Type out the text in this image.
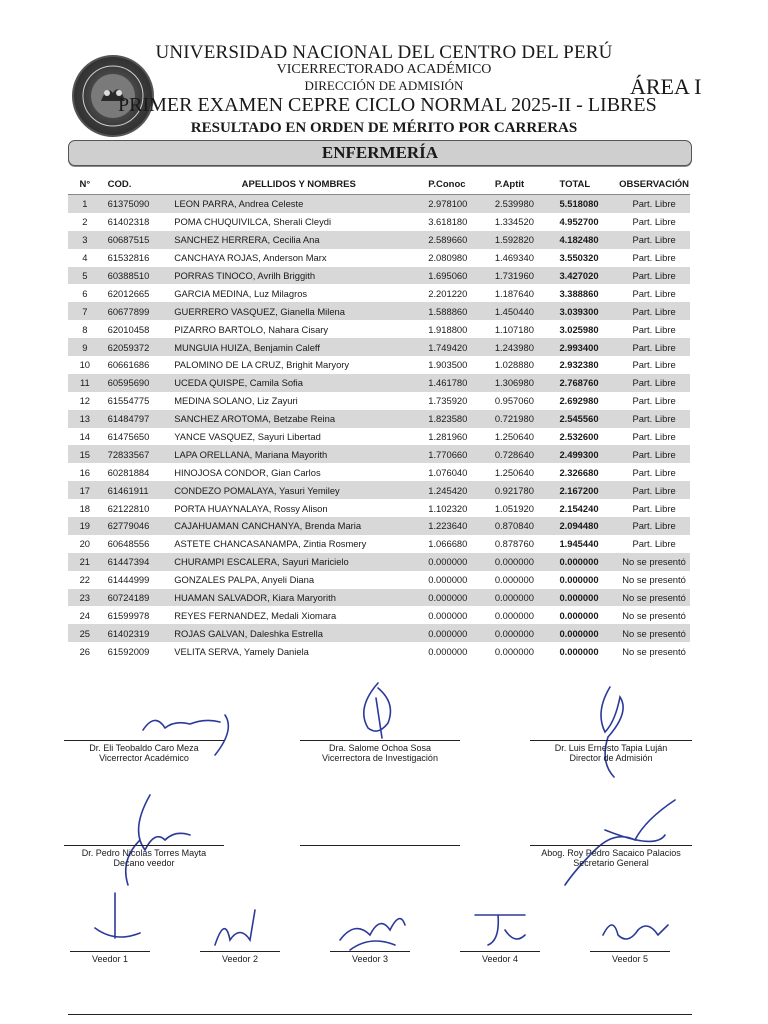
UNIVERSIDAD NACIONAL DEL CENTRO DEL PERÚ
VICERRECTORADO ACADÉMICO
DIRECCIÓN DE ADMISIÓN	ÁREA I
PRIMER EXAMEN CEPRE CICLO NORMAL 2025-II - LIBRES
RESULTADO EN ORDEN DE MÉRITO POR CARRERAS
ENFERMERÍA
N°	COD.	APELLIDOS Y NOMBRES	P.Conoc	P.Aptit	TOTAL	OBSERVACIÓN
1	61375090	LEON PARRA, Andrea Celeste	2.978100	2.539980	5.518080	Part. Libre
2	61402318	POMA CHUQUIVILCA, Sherali Cleydi	3.618180	1.334520	4.952700	Part. Libre
3	60687515	SANCHEZ HERRERA, Cecilia Ana	2.589660	1.592820	4.182480	Part. Libre
4	61532816	CANCHAYA ROJAS, Anderson Marx	2.080980	1.469340	3.550320	Part. Libre
5	60388510	PORRAS TINOCO, Avrilh Briggith	1.695060	1.731960	3.427020	Part. Libre
6	62012665	GARCIA MEDINA, Luz Milagros	2.201220	1.187640	3.388860	Part. Libre
7	60677899	GUERRERO VASQUEZ, Gianella Milena	1.588860	1.450440	3.039300	Part. Libre
8	62010458	PIZARRO BARTOLO, Nahara Cisary	1.918800	1.107180	3.025980	Part. Libre
9	62059372	MUNGUIA HUIZA, Benjamin Caleff	1.749420	1.243980	2.993400	Part. Libre
10	60661686	PALOMINO DE LA CRUZ, Brighit Maryory	1.903500	1.028880	2.932380	Part. Libre
11	60595690	UCEDA QUISPE, Camila Sofia	1.461780	1.306980	2.768760	Part. Libre
12	61554775	MEDINA SOLANO, Liz Zayuri	1.735920	0.957060	2.692980	Part. Libre
13	61484797	SANCHEZ AROTOMA, Betzabe Reina	1.823580	0.721980	2.545560	Part. Libre
14	61475650	YANCE VASQUEZ, Sayuri Libertad	1.281960	1.250640	2.532600	Part. Libre
15	72833567	LAPA ORELLANA, Mariana Mayorith	1.770660	0.728640	2.499300	Part. Libre
16	60281884	HINOJOSA CONDOR, Gian Carlos	1.076040	1.250640	2.326680	Part. Libre
17	61461911	CONDEZO POMALAYA, Yasuri Yemiley	1.245420	0.921780	2.167200	Part. Libre
18	62122810	PORTA HUAYNALAYA, Rossy Alison	1.102320	1.051920	2.154240	Part. Libre
19	62779046	CAJAHUAMAN CANCHANYA, Brenda Maria	1.223640	0.870840	2.094480	Part. Libre
20	60648556	ASTETE CHANCASANAMPA, Zintia Rosmery	1.066680	0.878760	1.945440	Part. Libre
21	61447394	CHURAMPI ESCALERA, Sayuri Maricielo	0.000000	0.000000	0.000000	No se presentó
22	61444999	GONZALES PALPA, Anyeli Diana	0.000000	0.000000	0.000000	No se presentó
23	60724189	HUAMAN SALVADOR, Kiara Maryorith	0.000000	0.000000	0.000000	No se presentó
24	61599978	REYES FERNANDEZ, Medali Xiomara	0.000000	0.000000	0.000000	No se presentó
25	61402319	ROJAS GALVAN, Daleshka Estrella	0.000000	0.000000	0.000000	No se presentó
26	61592009	VELITA SERVA, Yamely Daniela	0.000000	0.000000	0.000000	No se presentó
Dr. Eli Teobaldo Caro Meza
Vicerrector Académico
Dra. Salome Ochoa Sosa
Vicerrectora de Investigación
Dr. Luis Ernesto Tapia Luján
Director de Admisión
Dr. Pedro Nicolas Torres Mayta
Decano veedor
Abog. Roy Pedro Sacaico Palacios
Secretario General
Veedor 1	Veedor 2	Veedor 3	Veedor 4	Veedor 5
